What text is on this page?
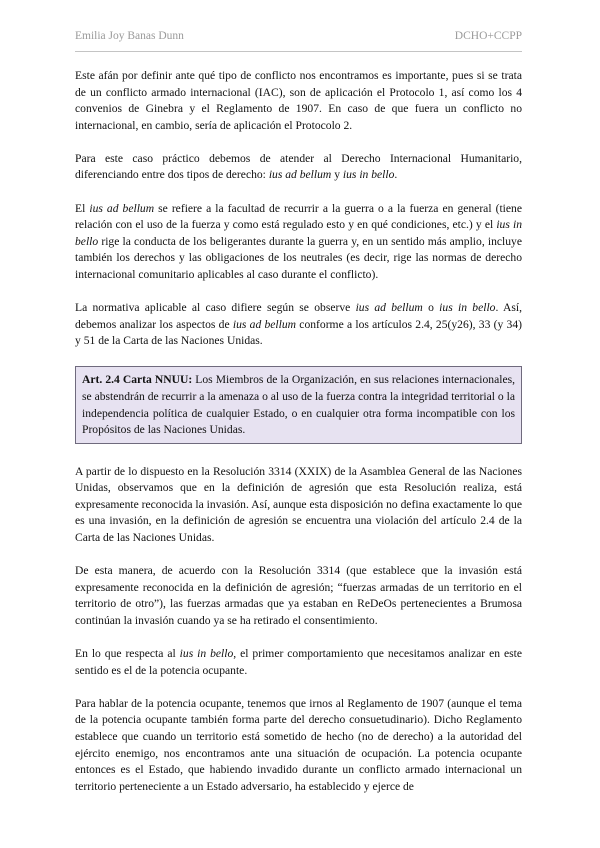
Emilia Joy Banas Dunn	DCHO+CCPP

Este afán por definir ante qué tipo de conflicto nos encontramos es importante, pues si se trata de un conflicto armado internacional (IAC), son de aplicación el Protocolo 1, así como los 4 convenios de Ginebra y el Reglamento de 1907. En caso de que fuera un conflicto no internacional, en cambio, sería de aplicación el Protocolo 2.

Para este caso práctico debemos de atender al Derecho Internacional Humanitario, diferenciando entre dos tipos de derecho: ius ad bellum y ius in bello.

El ius ad bellum se refiere a la facultad de recurrir a la guerra o a la fuerza en general (tiene relación con el uso de la fuerza y como está regulado esto y en qué condiciones, etc.) y el ius in bello rige la conducta de los beligerantes durante la guerra y, en un sentido más amplio, incluye también los derechos y las obligaciones de los neutrales (es decir, rige las normas de derecho internacional comunitario aplicables al caso durante el conflicto).

La normativa aplicable al caso difiere según se observe ius ad bellum o ius in bello. Así, debemos analizar los aspectos de ius ad bellum conforme a los artículos 2.4, 25(y26), 33 (y 34) y 51 de la Carta de las Naciones Unidas.

Art. 2.4 Carta NNUU: Los Miembros de la Organización, en sus relaciones internacionales, se abstendrán de recurrir a la amenaza o al uso de la fuerza contra la integridad territorial o la independencia política de cualquier Estado, o en cualquier otra forma incompatible con los Propósitos de las Naciones Unidas.

A partir de lo dispuesto en la Resolución 3314 (XXIX) de la Asamblea General de las Naciones Unidas, observamos que en la definición de agresión que esta Resolución realiza, está expresamente reconocida la invasión. Así, aunque esta disposición no defina exactamente lo que es una invasión, en la definición de agresión se encuentra una violación del artículo 2.4 de la Carta de las Naciones Unidas.

De esta manera, de acuerdo con la Resolución 3314 (que establece que la invasión está expresamente reconocida en la definición de agresión; “fuerzas armadas de un territorio en el territorio de otro”), las fuerzas armadas que ya estaban en ReDeOs pertenecientes a Brumosa continúan la invasión cuando ya se ha retirado el consentimiento.

En lo que respecta al ius in bello, el primer comportamiento que necesitamos analizar en este sentido es el de la potencia ocupante.

Para hablar de la potencia ocupante, tenemos que irnos al Reglamento de 1907 (aunque el tema de la potencia ocupante también forma parte del derecho consuetudinario). Dicho Reglamento establece que cuando un territorio está sometido de hecho (no de derecho) a la autoridad del ejército enemigo, nos encontramos ante una situación de ocupación. La potencia ocupante entonces es el Estado, que habiendo invadido durante un conflicto armado internacional un territorio perteneciente a un Estado adversario, ha establecido y ejerce de
